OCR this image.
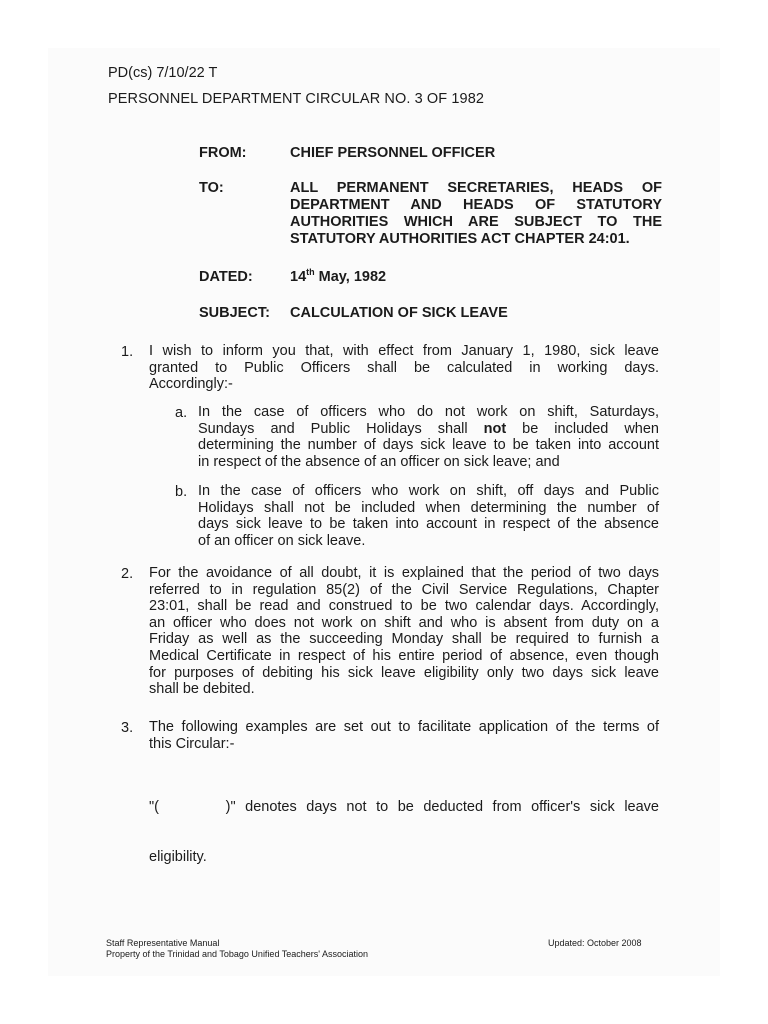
PD(cs) 7/10/22 T
PERSONNEL DEPARTMENT CIRCULAR NO. 3 OF 1982
FROM:	CHIEF PERSONNEL OFFICER
TO:	ALL PERMANENT SECRETARIES, HEADS OF
DEPARTMENT AND HEADS OF STATUTORY
AUTHORITIES WHICH ARE SUBJECT TO THE
STATUTORY AUTHORITIES ACT CHAPTER 24:01.
DATED:	14th May, 1982
SUBJECT: CALCULATION OF SICK LEAVE
1. I wish to inform you that, with effect from January 1, 1980, sick leave
granted to Public Officers shall be calculated in working days.
Accordingly:-
a. In the case of officers who do not work on shift, Saturdays,
Sundays and Public Holidays shall not be included when
determining the number of days sick leave to be taken into account
in respect of the absence of an officer on sick leave; and
b. In the case of officers who work on shift, off days and Public
Holidays shall not be included when determining the number of
days sick leave to be taken into account in respect of the absence
of an officer on sick leave.
2. For the avoidance of all doubt, it is explained that the period of two days
referred to in regulation 85(2) of the Civil Service Regulations, Chapter
23:01, shall be read and construed to be two calendar days. Accordingly,
an officer who does not work on shift and who is absent from duty on a
Friday as well as the succeeding Monday shall be required to furnish a
Medical Certificate in respect of his entire period of absence, even though
for purposes of debiting his sick leave eligibility only two days sick leave
shall be debited.
3. The following examples are set out to facilitate application of the terms of
this Circular:-

"(       )" denotes days not to be deducted from officer's sick leave

eligibility.

Staff Representative Manual
Property of the Trinidad and Tobago Unified Teachers' Association
Updated: October 2008
